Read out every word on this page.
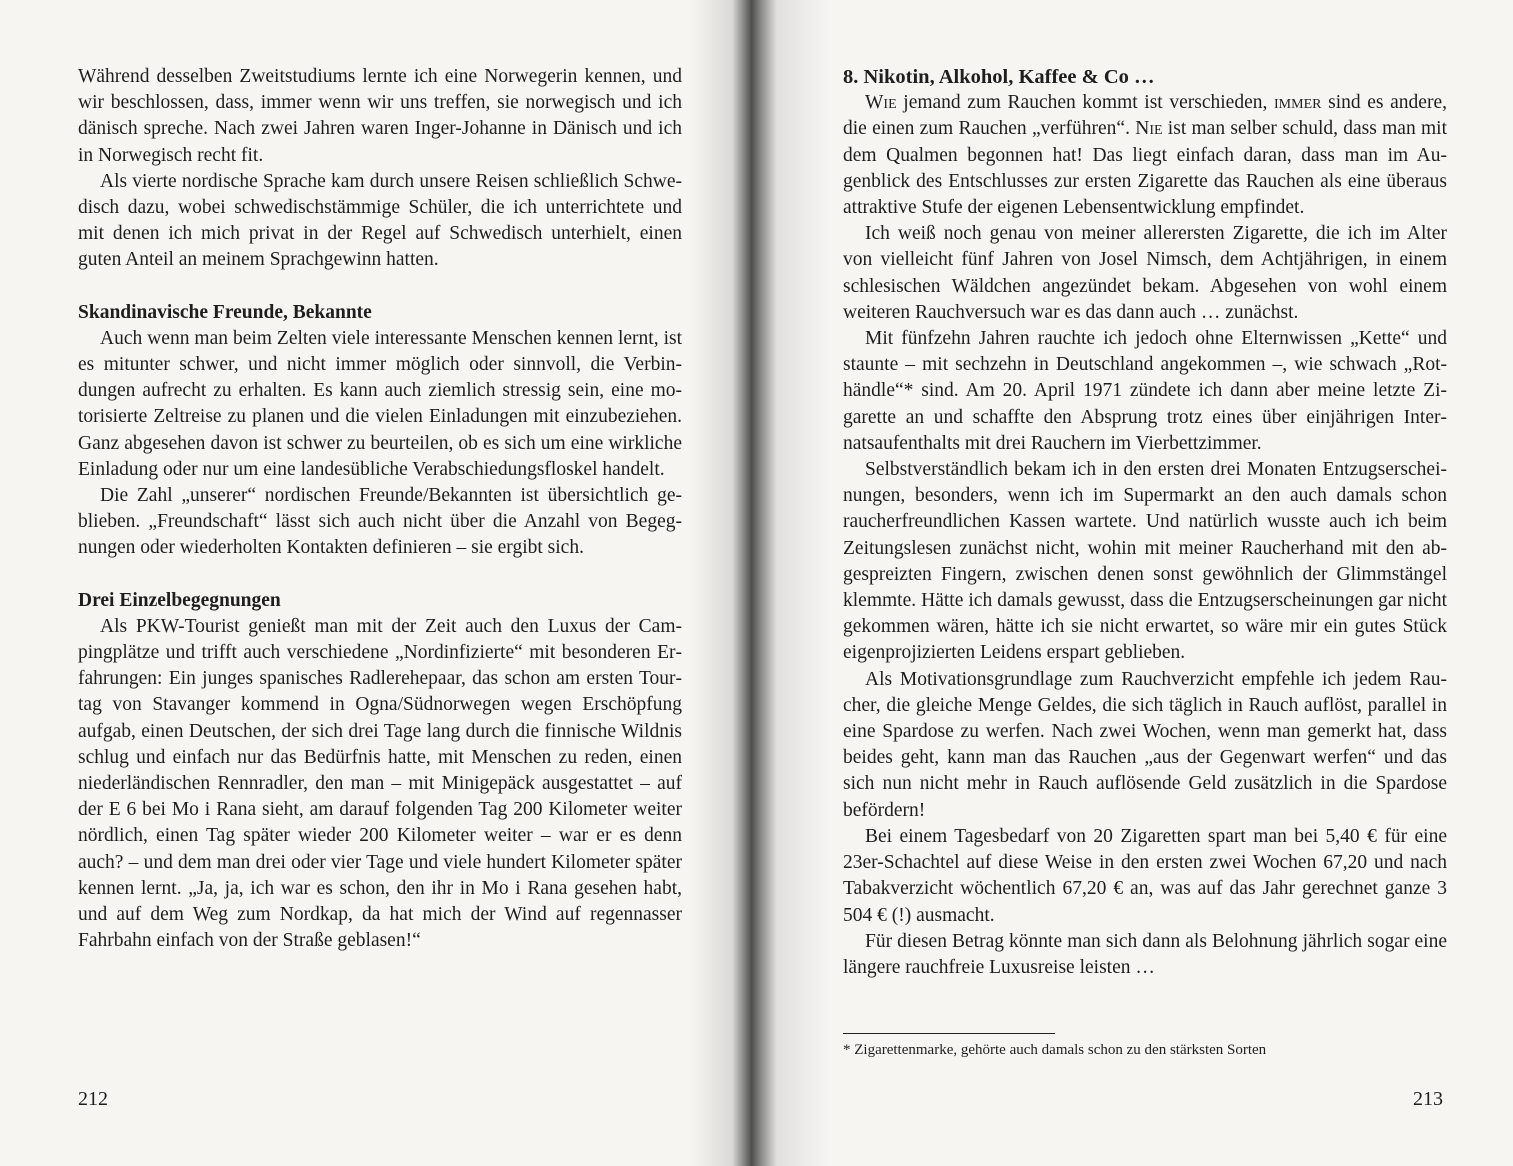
Während desselben Zweitstudiums lernte ich eine Norwegerin kennen, und wir beschlossen, dass, immer wenn wir uns treffen, sie norwegisch und ich dänisch spreche. Nach zwei Jahren waren Inger-Johanne in Dänisch und ich in Norwegisch recht fit.

Als vierte nordische Sprache kam durch unsere Reisen schließlich Schwedisch dazu, wobei schwedischstämmige Schüler, die ich unterrichtete und mit denen ich mich privat in der Regel auf Schwedisch unterhielt, einen guten Anteil an meinem Sprachgewinn hatten.

Skandinavische Freunde, Bekannte

Auch wenn man beim Zelten viele interessante Menschen kennen lernt, ist es mitunter schwer, und nicht immer möglich oder sinnvoll, die Verbindungen aufrecht zu erhalten. Es kann auch ziemlich stressig sein, eine motorisierte Zeltreise zu planen und die vielen Einladungen mit einzubeziehen. Ganz abgesehen davon ist schwer zu beurteilen, ob es sich um eine wirkliche Einladung oder nur um eine landesübliche Verabschiedungsfloskel handelt.

Die Zahl „unserer“ nordischen Freunde/Bekannten ist übersichtlich geblieben. „Freundschaft“ lässt sich auch nicht über die Anzahl von Begegnungen oder wiederholten Kontakten definieren – sie ergibt sich.

Drei Einzelbegegnungen

Als PKW-Tourist genießt man mit der Zeit auch den Luxus der Campingplätze und trifft auch verschiedene „Nordinfizierte“ mit besonderen Erfahrungen: Ein junges spanisches Radlerehepaar, das schon am ersten Tourtag von Stavanger kommend in Ogna/Südnorwegen wegen Erschöpfung aufgab, einen Deutschen, der sich drei Tage lang durch die finnische Wildnis schlug und einfach nur das Bedürfnis hatte, mit Menschen zu reden, einen niederländischen Rennradler, den man – mit Minigepäck ausgestattet – auf der E 6 bei Mo i Rana sieht, am darauf folgenden Tag 200 Kilometer weiter nördlich, einen Tag später wieder 200 Kilometer weiter – war er es denn auch? – und dem man drei oder vier Tage und viele hundert Kilometer später kennen lernt. „Ja, ja, ich war es schon, den ihr in Mo i Rana gesehen habt, und auf dem Weg zum Nordkap, da hat mich der Wind auf regennasser Fahrbahn einfach von der Straße geblasen!“

212
8. Nikotin, Alkohol, Kaffee & Co …

Wie jemand zum Rauchen kommt ist verschieden, immer sind es andere, die einen zum Rauchen „verführen“. Nie ist man selber schuld, dass man mit dem Qualmen begonnen hat! Das liegt einfach daran, dass man im Augenblick des Entschlusses zur ersten Zigarette das Rauchen als eine überaus attraktive Stufe der eigenen Lebensentwicklung empfindet.

Ich weiß noch genau von meiner allerersten Zigarette, die ich im Alter von vielleicht fünf Jahren von Josel Nimsch, dem Achtjährigen, in einem schlesischen Wäldchen angezündet bekam. Abgesehen von wohl einem weiteren Rauchversuch war es das dann auch … zunächst.

Mit fünfzehn Jahren rauchte ich jedoch ohne Elternwissen „Kette“ und staunte – mit sechzehn in Deutschland angekommen –, wie schwach „Rothändle“* sind. Am 20. April 1971 zündete ich dann aber meine letzte Zigarette an und schaffte den Absprung trotz eines über einjährigen Internatsaufenthalts mit drei Rauchern im Vierbettzimmer.

Selbstverständlich bekam ich in den ersten drei Monaten Entzugserscheinungen, besonders, wenn ich im Supermarkt an den auch damals schon raucherfreundlichen Kassen wartete. Und natürlich wusste auch ich beim Zeitungslesen zunächst nicht, wohin mit meiner Raucherhand mit den abgespreizten Fingern, zwischen denen sonst gewöhnlich der Glimmstängel klemmte. Hätte ich damals gewusst, dass die Entzugserscheinungen gar nicht gekommen wären, hätte ich sie nicht erwartet, so wäre mir ein gutes Stück eigenprojizierten Leidens erspart geblieben.

Als Motivationsgrundlage zum Rauchverzicht empfehle ich jedem Raucher, die gleiche Menge Geldes, die sich täglich in Rauch auflöst, parallel in eine Spardose zu werfen. Nach zwei Wochen, wenn man gemerkt hat, dass beides geht, kann man das Rauchen „aus der Gegenwart werfen“ und das sich nun nicht mehr in Rauch auflösende Geld zusätzlich in die Spardose befördern!

Bei einem Tagesbedarf von 20 Zigaretten spart man bei 5,40 € für eine 23er-Schachtel auf diese Weise in den ersten zwei Wochen 67,20 und nach Tabakverzicht wöchentlich 67,20 € an, was auf das Jahr gerechnet ganze 3 504 € (!) ausmacht.

Für diesen Betrag könnte man sich dann als Belohnung jährlich sogar eine längere rauchfreie Luxusreise leisten …

* Zigarettenmarke, gehörte auch damals schon zu den stärksten Sorten
213
